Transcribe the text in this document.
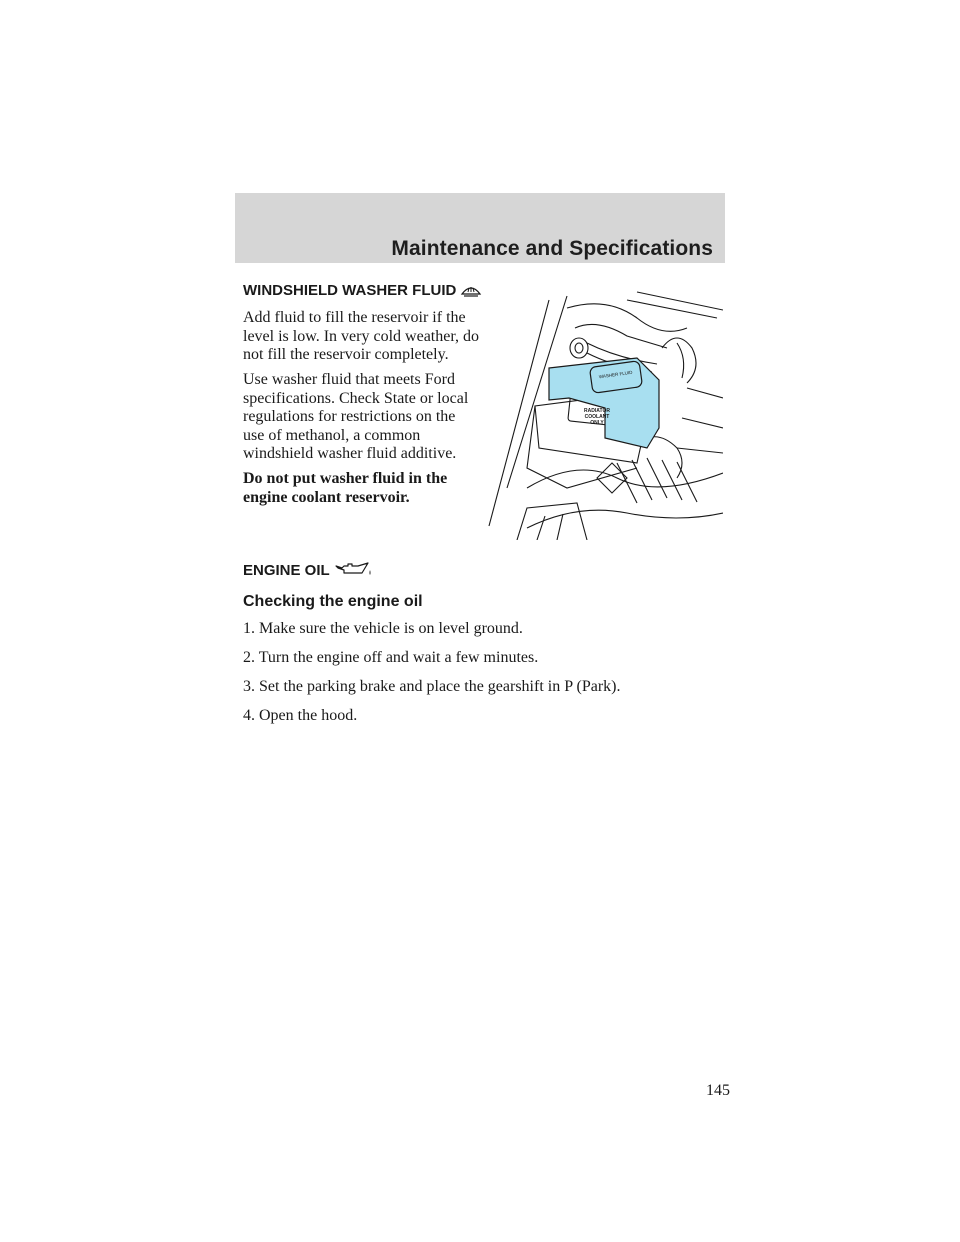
Maintenance and Specifications
WINDSHIELD WASHER FLUID
Add fluid to fill the reservoir if the
level is low. In very cold weather, do
not fill the reservoir completely.
Use washer fluid that meets Ford
specifications. Check State or local
regulations for restrictions on the
use of methanol, a common
windshield washer fluid additive.
Do not put washer fluid in the
engine coolant reservoir.
WASHER FLUID
RADIATOR
COOLANT
ONLY
ENGINE OIL
Checking the engine oil
1. Make sure the vehicle is on level ground.
2. Turn the engine off and wait a few minutes.
3. Set the parking brake and place the gearshift in P (Park).
4. Open the hood.

145
